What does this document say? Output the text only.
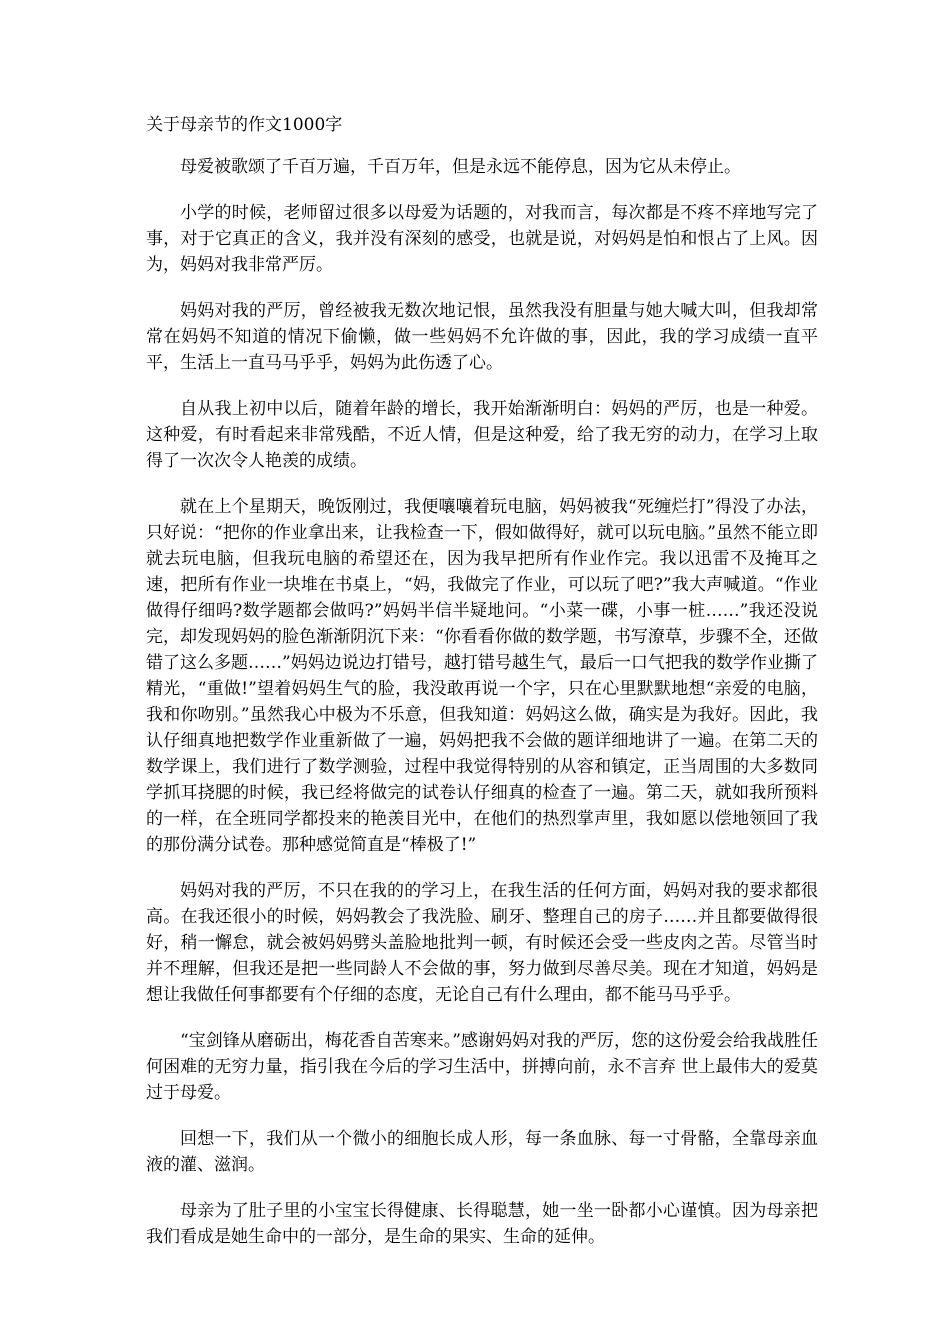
关于母亲节的作文1000字

母爱被歌颂了千百万遍，千百万年，但是永远不能停息，因为它从未停止。

小学的时候，老师留过很多以母爱为话题的，对我而言，每次都是不疼不痒地写完了事，对于它真正的含义，我并没有深刻的感受，也就是说，对妈妈是怕和恨占了上风。因为，妈妈对我非常严厉。

妈妈对我的严厉，曾经被我无数次地记恨，虽然我没有胆量与她大喊大叫，但我却常常在妈妈不知道的情况下偷懒，做一些妈妈不允许做的事，因此，我的学习成绩一直平平，生活上一直马马乎乎，妈妈为此伤透了心。

自从我上初中以后，随着年龄的增长，我开始渐渐明白：妈妈的严厉，也是一种爱。这种爱，有时看起来非常残酷，不近人情，但是这种爱，给了我无穷的动力，在学习上取得了一次次令人艳羡的成绩。

就在上个星期天，晚饭刚过，我便嚷嚷着玩电脑，妈妈被我“死缠烂打”得没了办法，只好说：“把你的作业拿出来，让我检查一下，假如做得好，就可以玩电脑。”虽然不能立即就去玩电脑，但我玩电脑的希望还在，因为我早把所有作业作完。我以迅雷不及掩耳之速，把所有作业一块堆在书桌上，“妈，我做完了作业，可以玩了吧?”我大声喊道。“作业做得仔细吗?数学题都会做吗?”妈妈半信半疑地问。“小菜一碟，小事一桩……”我还没说完，却发现妈妈的脸色渐渐阴沉下来：“你看看你做的数学题，书写潦草，步骤不全，还做错了这么多题……”妈妈边说边打错号，越打错号越生气，最后一口气把我的数学作业撕了精光，“重做!”望着妈妈生气的脸，我没敢再说一个字，只在心里默默地想“亲爱的电脑，我和你吻别。”虽然我心中极为不乐意，但我知道：妈妈这么做，确实是为我好。因此，我认仔细真地把数学作业重新做了一遍，妈妈把我不会做的题详细地讲了一遍。在第二天的数学课上，我们进行了数学测验，过程中我觉得特别的从容和镇定，正当周围的大多数同学抓耳挠腮的时候，我已经将做完的试卷认仔细真的检查了一遍。第二天，就如我所预料的一样，在全班同学都投来的艳羡目光中，在他们的热烈掌声里，我如愿以偿地领回了我的那份满分试卷。那种感觉简直是“棒极了!”

妈妈对我的严厉，不只在我的的学习上，在我生活的任何方面，妈妈对我的要求都很高。在我还很小的时候，妈妈教会了我洗脸、刷牙、整理自己的房子……并且都要做得很好，稍一懈怠，就会被妈妈劈头盖脸地批判一顿，有时候还会受一些皮肉之苦。尽管当时并不理解，但我还是把一些同龄人不会做的事，努力做到尽善尽美。现在才知道，妈妈是想让我做任何事都要有个仔细的态度，无论自己有什么理由，都不能马马乎乎。

“宝剑锋从磨砺出，梅花香自苦寒来。”感谢妈妈对我的严厉，您的这份爱会给我战胜任何困难的无穷力量，指引我在今后的学习生活中，拼搏向前，永不言弃 世上最伟大的爱莫过于母爱。

回想一下，我们从一个微小的细胞长成人形，每一条血脉、每一寸骨骼，全靠母亲血液的灌、滋润。

母亲为了肚子里的小宝宝长得健康、长得聪慧，她一坐一卧都小心谨慎。因为母亲把我们看成是她生命中的一部分，是生命的果实、生命的延伸。
